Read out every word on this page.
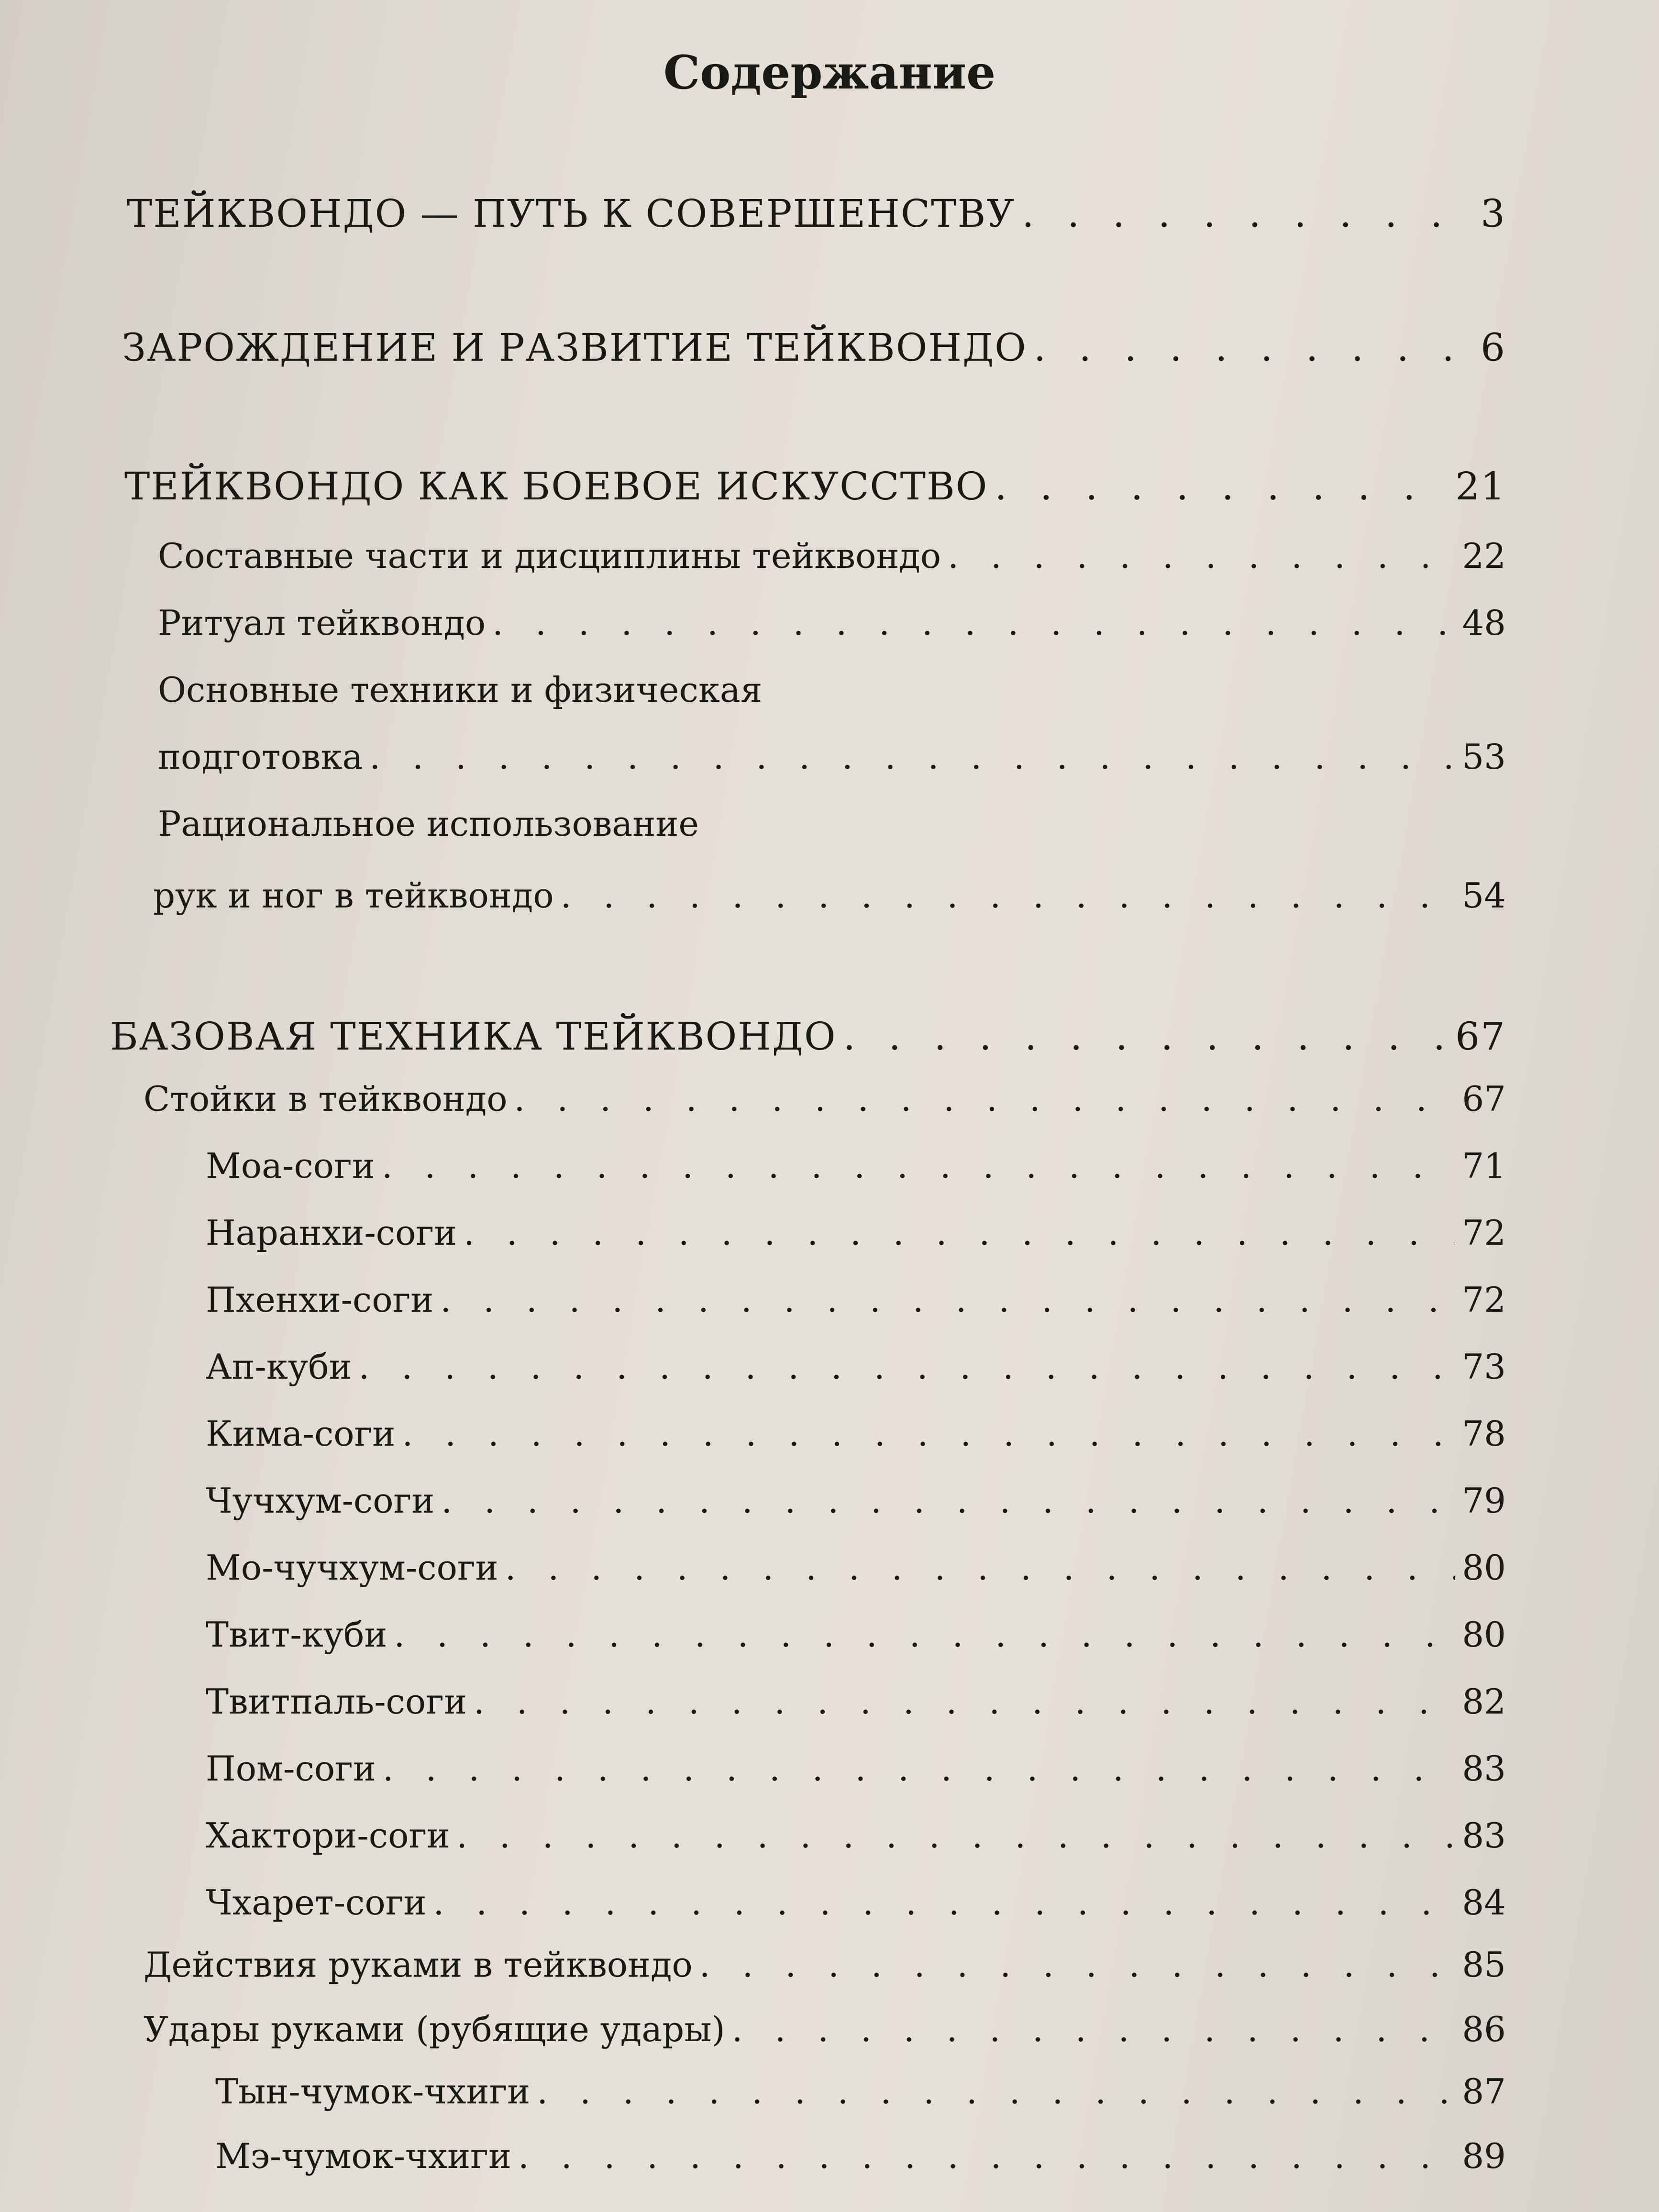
Содержание
ТЕЙКВОНДО — ПУТЬ К СОВЕРШЕНСТВУ . . .	3
ЗАРОЖДЕНИЕ И РАЗВИТИЕ ТЕЙКВОНДО . . .	6
ТЕЙКВОНДО КАК БОЕВОЕ ИСКУССТВО . . .	21
Составные части и дисциплины тейквондо . . .	22
Ритуал тейквондо . . .	48
Основные техники и физическая
подготовка . . .	53
Рациональное использование
рук и ног в тейквондо . . .	54
БАЗОВАЯ ТЕХНИКА ТЕЙКВОНДО . . .	67
Стойки в тейквондо . . .	67
Моа-соги . . .	71
Наранхи-соги . . .	72
Пхенхи-соги . . .	72
Ап-куби . . .	73
Кима-соги . . .	78
Чучхум-соги . . .	79
Мо-чучхум-соги . . .	80
Твит-куби . . .	80
Твитпаль-соги . . .	82
Пом-соги . . .	83
Хактори-соги . . .	83
Чхарет-соги . . .	84
Действия руками в тейквондо . . .	85
Удары руками (рубящие удары) . . .	86
Тын-чумок-чхиги . . .	87
Мэ-чумок-чхиги . . .	89
